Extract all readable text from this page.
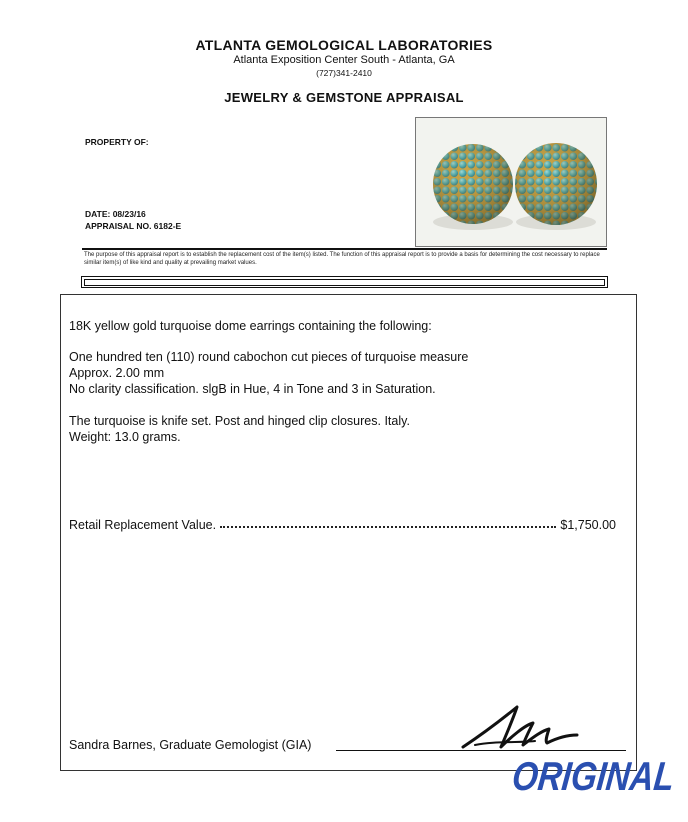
ATLANTA GEMOLOGICAL LABORATORIES
Atlanta Exposition Center South - Atlanta, GA
(727)341-2410
JEWELRY & GEMSTONE APPRAISAL
PROPERTY OF:
DATE: 08/23/16
APPRAISAL NO. 6182-E
The purpose of this appraisal report is to establish the replacement cost of the item(s) listed. The function of this appraisal report is to provide a basis for determining the cost necessary to replace similar item(s) of like kind and quality at prevailing market values.
18K yellow gold turquoise dome earrings containing the following:
One hundred ten (110) round cabochon cut pieces of turquoise measure
Approx. 2.00 mm
No clarity classification. slgB in Hue, 4 in Tone and 3 in Saturation.
The turquoise is knife set. Post and hinged clip closures. Italy.
Weight: 13.0 grams.
Retail Replacement Value.	$1,750.00
Sandra Barnes, Graduate Gemologist (GIA)
ORIGINAL
